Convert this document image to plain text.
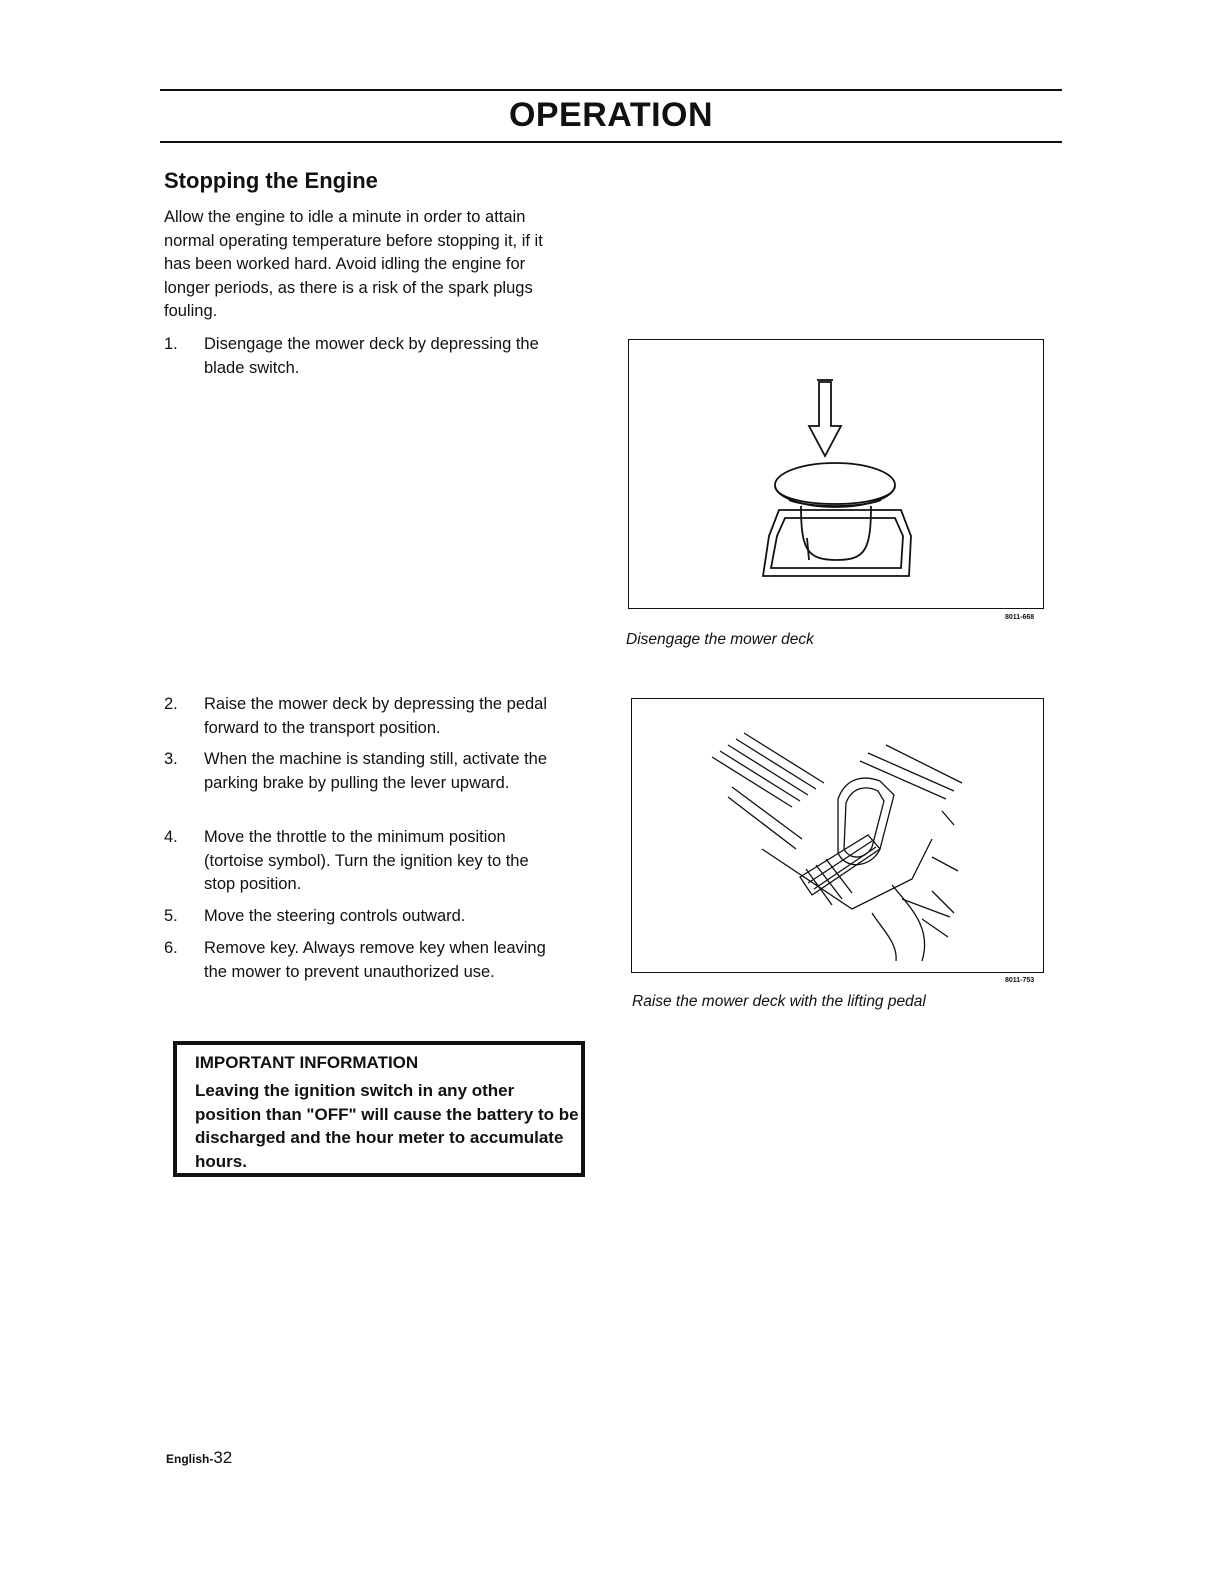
OPERATION
Stopping the Engine
Allow the engine to idle a minute in order to attain normal operating temperature before stopping it, if it has been worked hard. Avoid idling the engine for longer periods, as there is a risk of the spark plugs fouling.
1.	Disengage the mower deck by depressing the blade switch.
2.	Raise the mower deck by depressing the pedal forward to the transport position.
3.	When the machine is standing still, activate the parking brake by pulling the lever upward.
4.	Move the throttle to the minimum position (tortoise symbol). Turn the ignition key to the stop position.
5.	Move the steering controls outward.
6.	Remove key. Always remove key when leaving the mower to prevent unauthorized use.
8011-668
Disengage the mower deck
8011-753
Raise the mower deck with the lifting pedal
IMPORTANT INFORMATION
Leaving the ignition switch in any other position than "OFF" will cause the battery to be discharged and the hour meter to accumulate hours.
English-32
